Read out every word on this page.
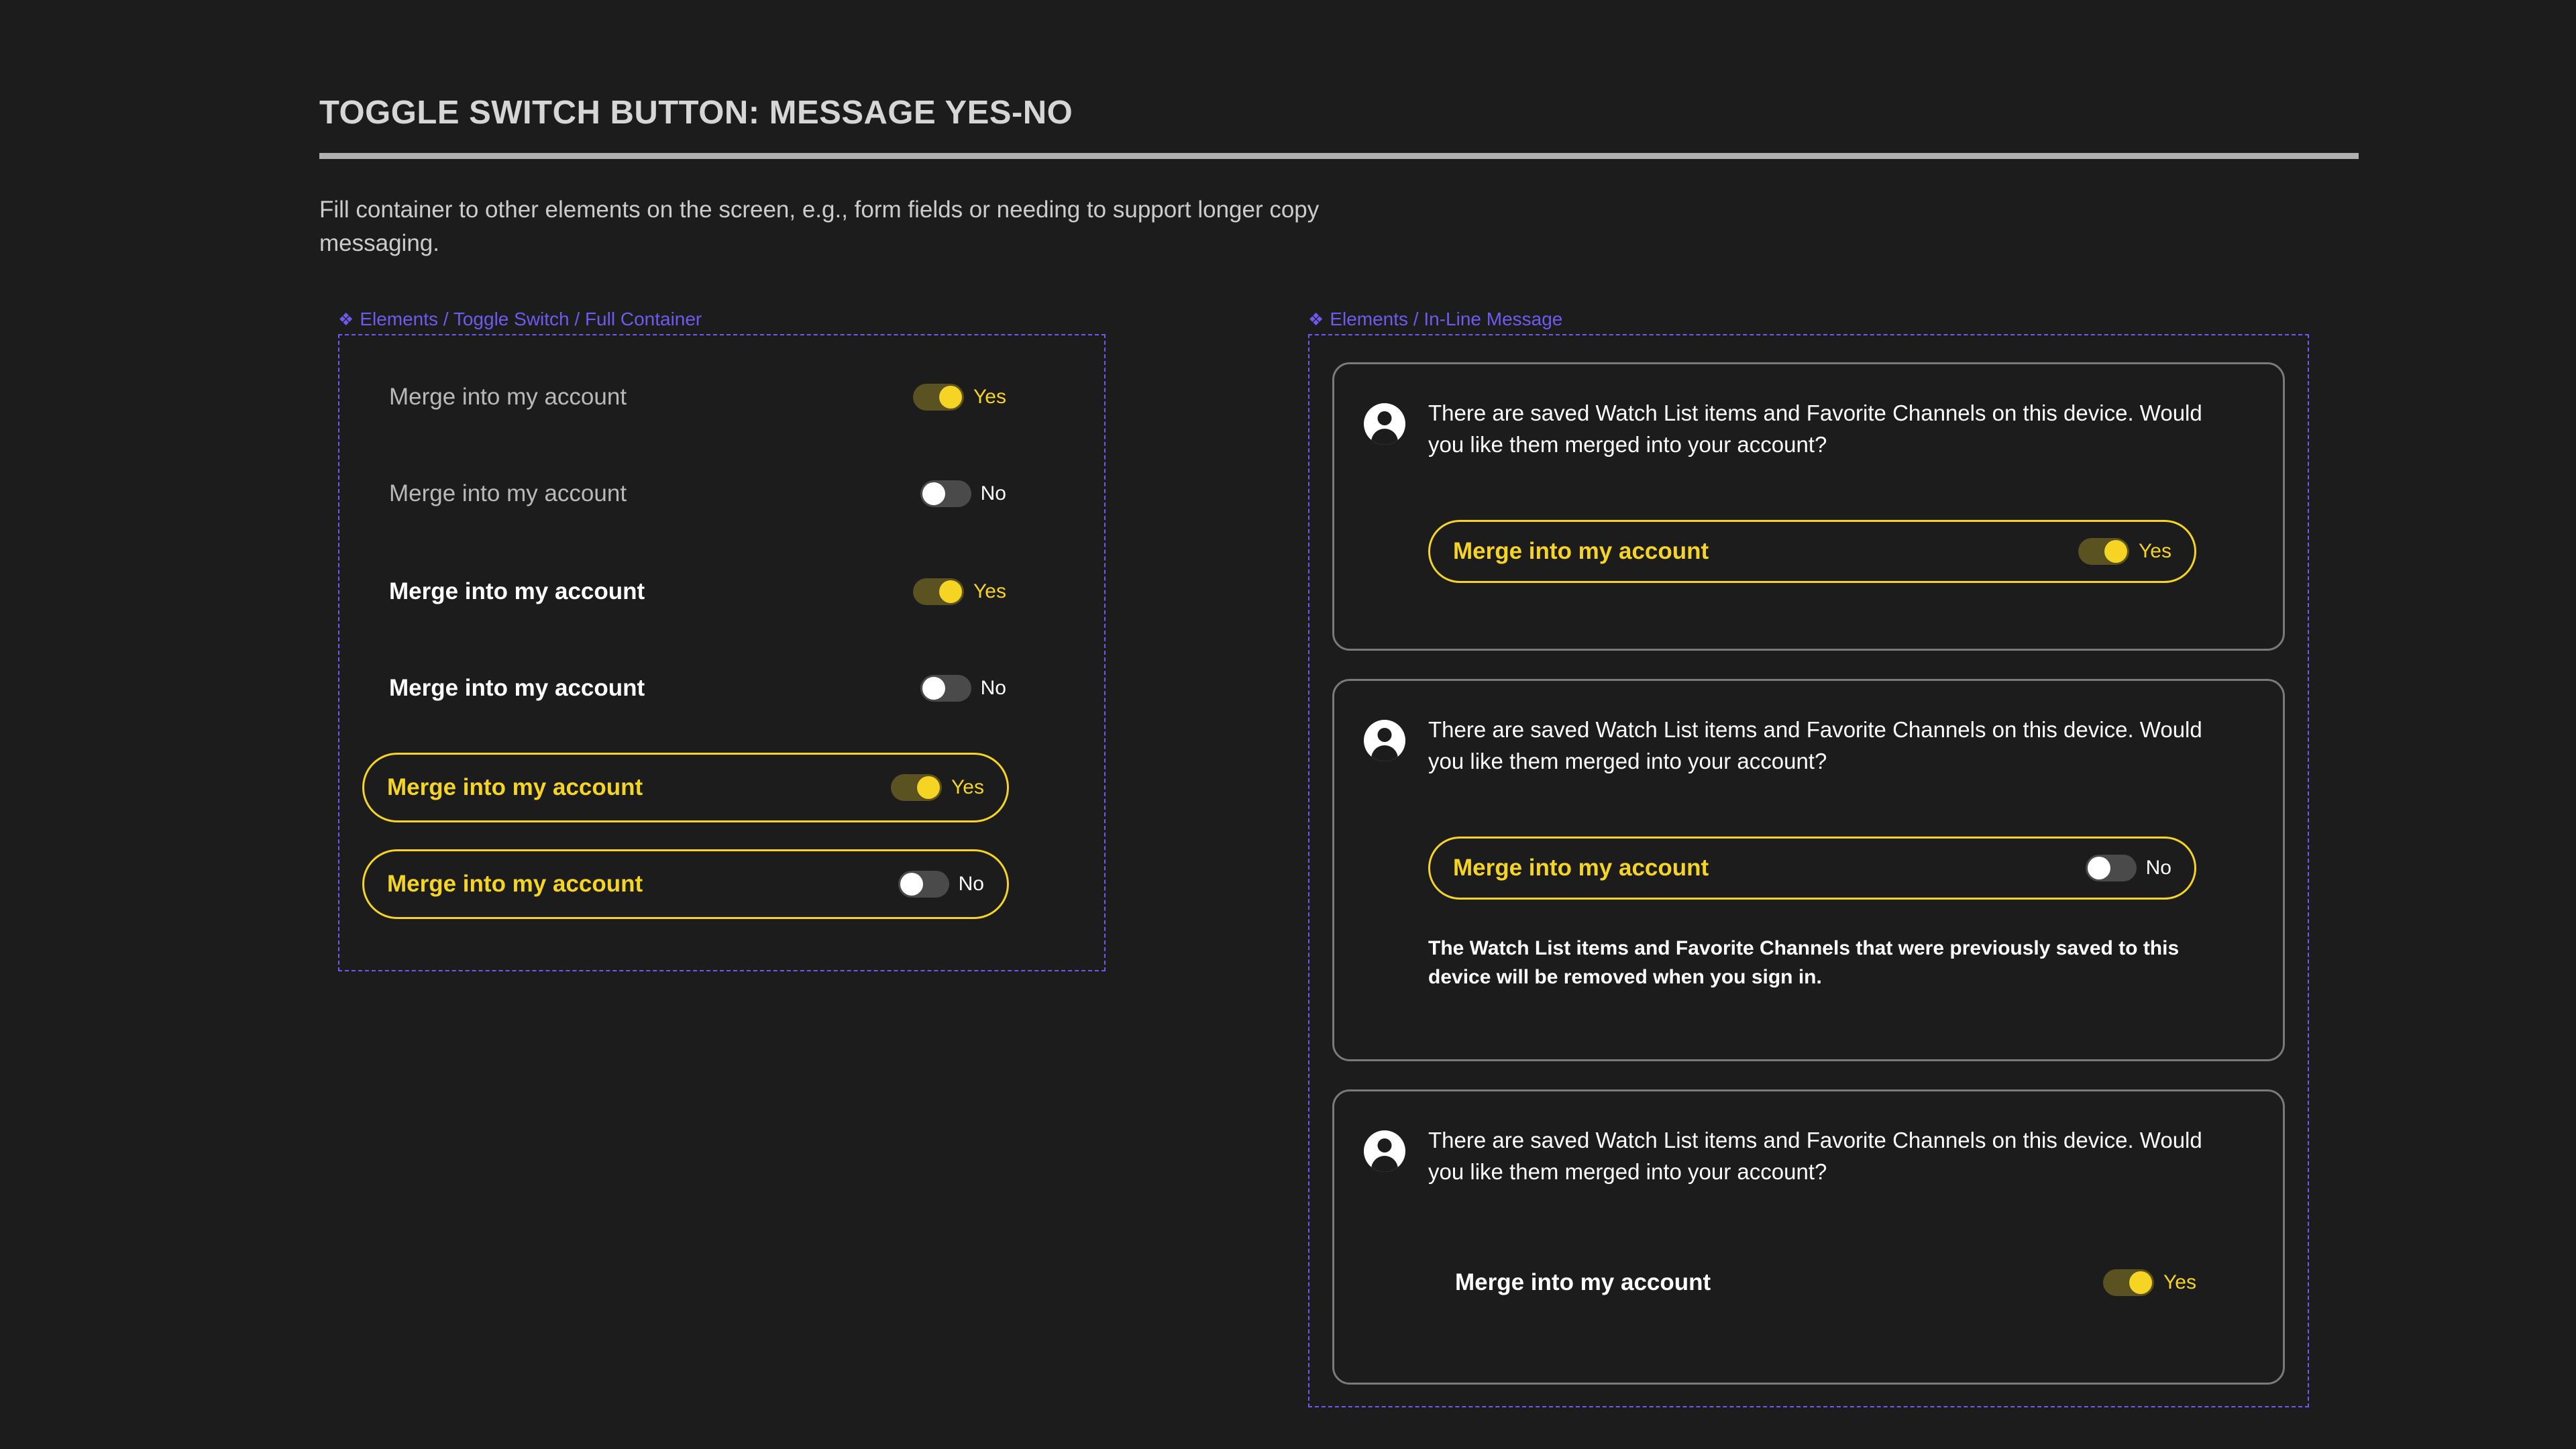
TOGGLE SWITCH BUTTON: MESSAGE YES-NO
Fill container to other elements on the screen, e.g., form fields or needing to support longer copy messaging.
❖ Elements / Toggle Switch / Full Container
Merge into my account	Yes
Merge into my account	No
Merge into my account	Yes
Merge into my account	No
Merge into my account	Yes
Merge into my account	No
❖ Elements / In-Line Message
There are saved Watch List items and Favorite Channels on this device. Would you like them merged into your account?
Merge into my account	Yes
There are saved Watch List items and Favorite Channels on this device. Would you like them merged into your account?
Merge into my account	No
The Watch List items and Favorite Channels that were previously saved to this device will be removed when you sign in.
There are saved Watch List items and Favorite Channels on this device. Would you like them merged into your account?
Merge into my account	Yes
